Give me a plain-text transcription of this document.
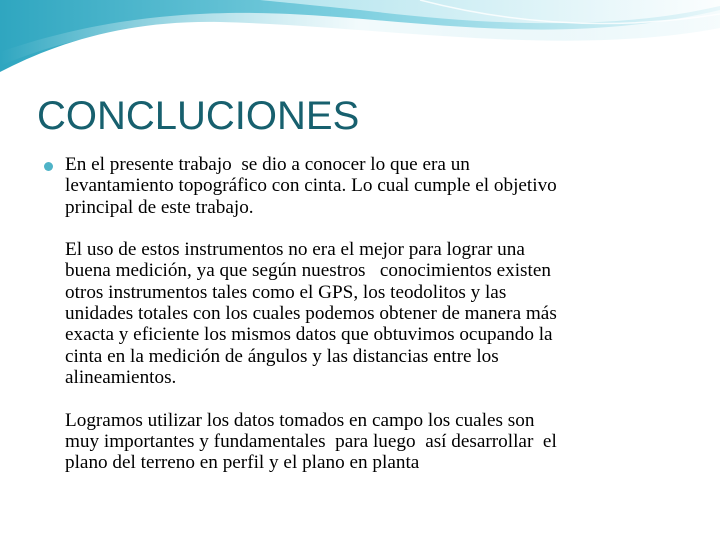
CONCLUCIONES
En el presente trabajo  se dio a conocer lo que era un
levantamiento topográfico con cinta. Lo cual cumple el objetivo
principal de este trabajo.

El uso de estos instrumentos no era el mejor para lograr una
buena medición, ya que según nuestros   conocimientos existen
otros instrumentos tales como el GPS, los teodolitos y las
unidades totales con los cuales podemos obtener de manera más
exacta y eficiente los mismos datos que obtuvimos ocupando la
cinta en la medición de ángulos y las distancias entre los
alineamientos.

Logramos utilizar los datos tomados en campo los cuales son
muy importantes y fundamentales  para luego  así desarrollar  el
plano del terreno en perfil y el plano en planta
